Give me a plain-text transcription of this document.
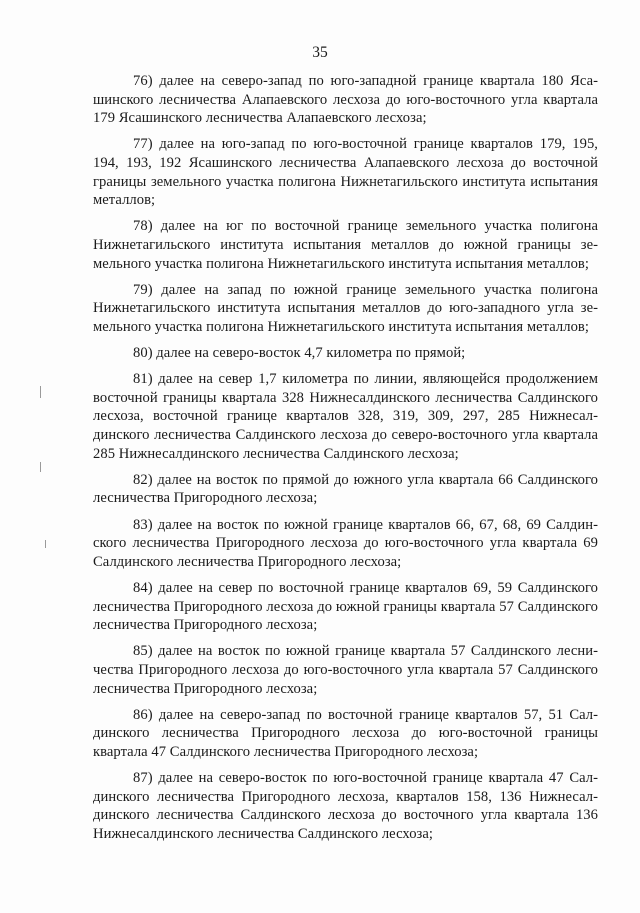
35

76) далее на северо-запад по юго-западной границе квартала 180 Ясашинского лесничества Алапаевского лесхоза до юго-восточного угла квартала 179 Ясашинского лесничества Алапаевского лесхоза;

77) далее на юго-запад по юго-восточной границе кварталов 179, 195, 194, 193, 192 Ясашинского лесничества Алапаевского лесхоза до восточной границы земельного участка полигона Нижнетагильского института испытания металлов;

78) далее на юг по восточной границе земельного участка полигона Нижнетагильского института испытания металлов до южной границы земельного участка полигона Нижнетагильского института испытания металлов;

79) далее на запад по южной границе земельного участка полигона Нижнетагильского института испытания металлов до юго-западного угла земельного участка полигона Нижнетагильского института испытания металлов;

80) далее на северо-восток 4,7 километра по прямой;

81) далее на север 1,7 километра по линии, являющейся продолжением восточной границы квартала 328 Нижнесалдинского лесничества Салдинского лесхоза, восточной границе кварталов 328, 319, 309, 297, 285 Нижнесалдинского лесничества Салдинского лесхоза до северо-восточного угла квартала 285 Нижнесалдинского лесничества Салдинского лесхоза;

82) далее на восток по прямой до южного угла квартала 66 Салдинского лесничества Пригородного лесхоза;

83) далее на восток по южной границе кварталов 66, 67, 68, 69 Салдинского лесничества Пригородного лесхоза до юго-восточного угла квартала 69 Салдинского лесничества Пригородного лесхоза;

84) далее на север по восточной границе кварталов 69, 59 Салдинского лесничества Пригородного лесхоза до южной границы квартала 57 Салдинского лесничества Пригородного лесхоза;

85) далее на восток по южной границе квартала 57 Салдинского лесничества Пригородного лесхоза до юго-восточного угла квартала 57 Салдинского лесничества Пригородного лесхоза;

86) далее на северо-запад по восточной границе кварталов 57, 51 Салдинского лесничества Пригородного лесхоза до юго-восточной границы квартала 47 Салдинского лесничества Пригородного лесхоза;

87) далее на северо-восток по юго-восточной границе квартала 47 Салдинского лесничества Пригородного лесхоза, кварталов 158, 136 Нижнесалдинского лесничества Салдинского лесхоза до восточного угла квартала 136 Нижнесалдинского лесничества Салдинского лесхоза;
